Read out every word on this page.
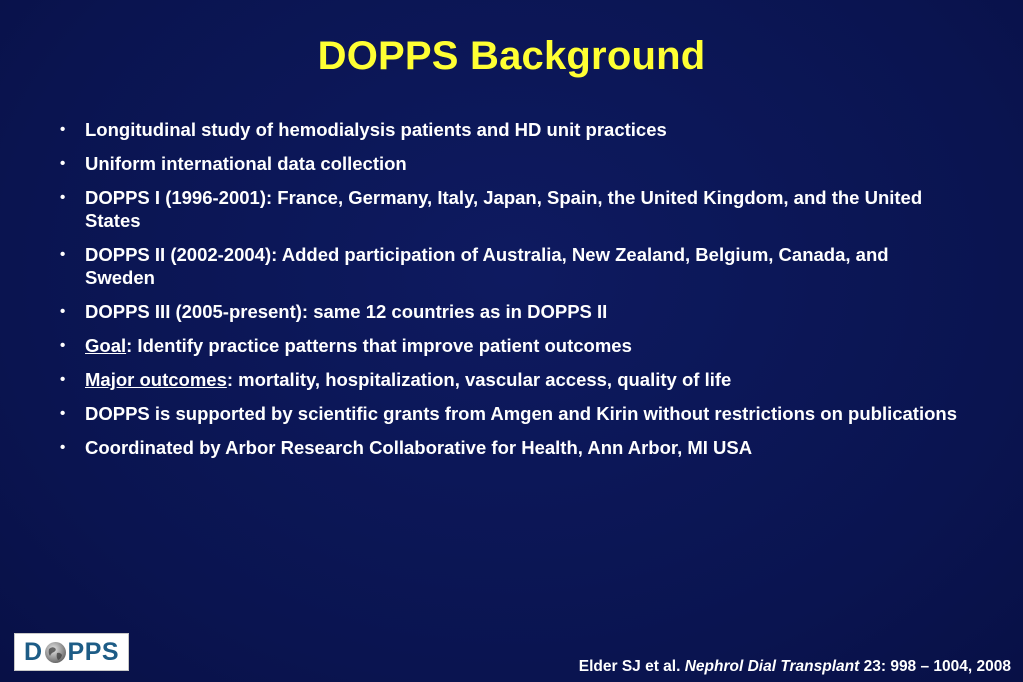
DOPPS Background
• Longitudinal study of hemodialysis patients and HD unit practices
• Uniform international data collection
• DOPPS I (1996-2001): France, Germany, Italy, Japan, Spain, the United Kingdom, and the United States
• DOPPS II (2002-2004): Added participation of Australia, New Zealand, Belgium, Canada, and Sweden
• DOPPS III (2005-present): same 12 countries as in DOPPS II
• Goal: Identify practice patterns that improve patient outcomes
• Major outcomes: mortality, hospitalization, vascular access, quality of life
• DOPPS is supported by scientific grants from Amgen and Kirin without restrictions on publications
• Coordinated by Arbor Research Collaborative for Health, Ann Arbor, MI USA
D PPS
Elder SJ et al. Nephrol Dial Transplant 23: 998 – 1004, 2008
